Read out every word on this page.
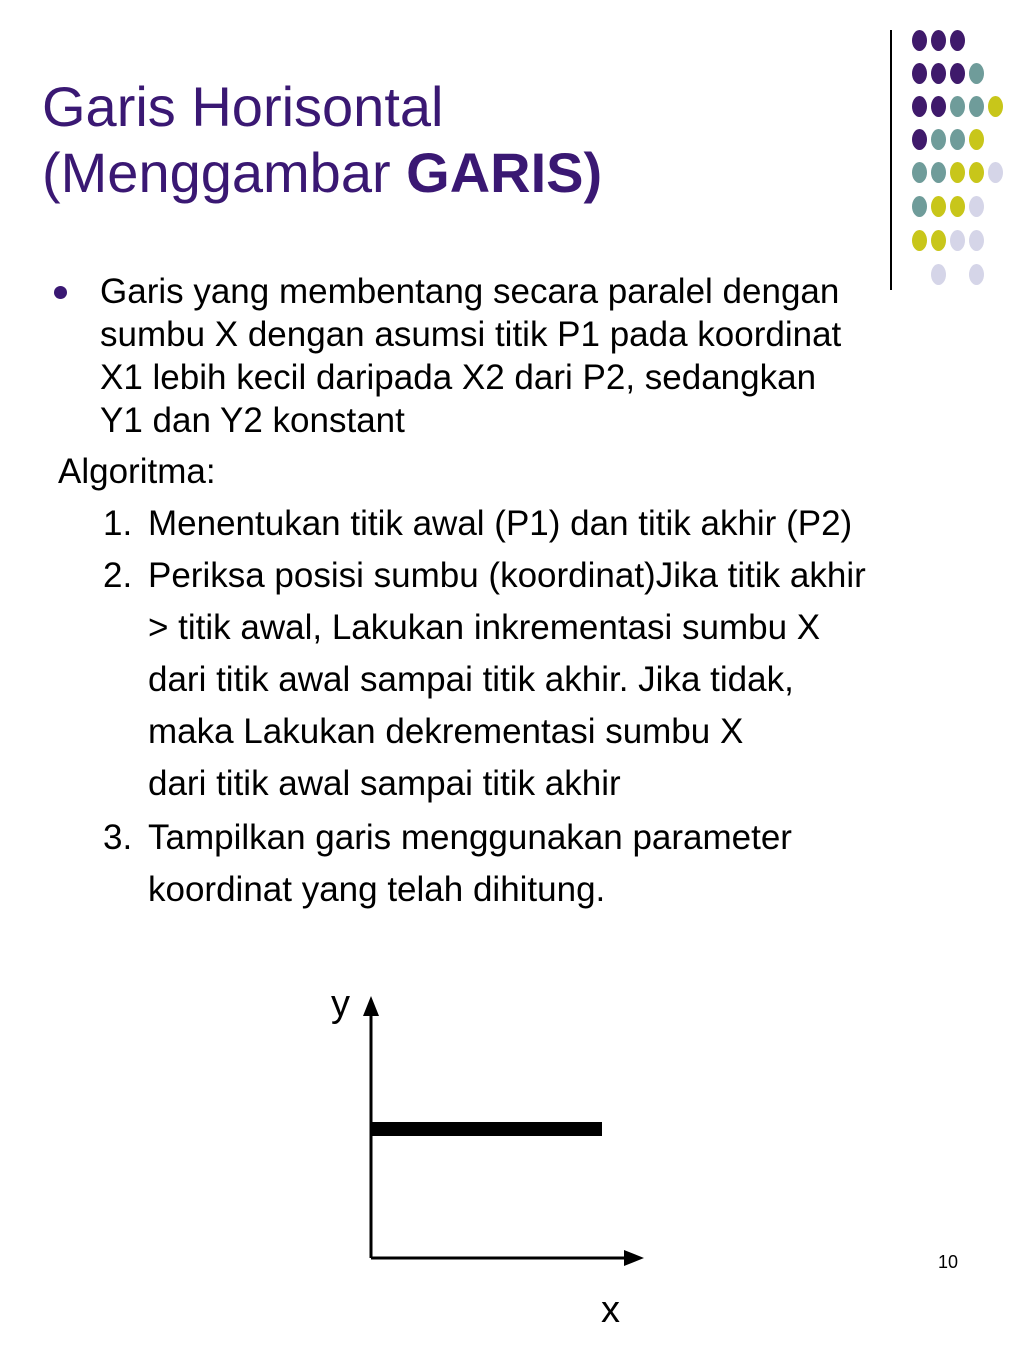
Garis Horisontal
(Menggambar GARIS)
Garis yang membentang secara paralel dengan
sumbu X dengan asumsi titik P1 pada koordinat
X1 lebih kecil daripada X2 dari P2, sedangkan
Y1 dan Y2 konstant
Algoritma:
1. Menentukan titik awal (P1) dan titik akhir (P2)
2. Periksa posisi sumbu (koordinat)Jika titik akhir
> titik awal, Lakukan inkrementasi sumbu X
dari titik awal sampai titik akhir. Jika tidak,
maka Lakukan dekrementasi sumbu X
dari titik awal sampai titik akhir
3. Tampilkan garis menggunakan parameter
koordinat yang telah dihitung.
y
x
10
